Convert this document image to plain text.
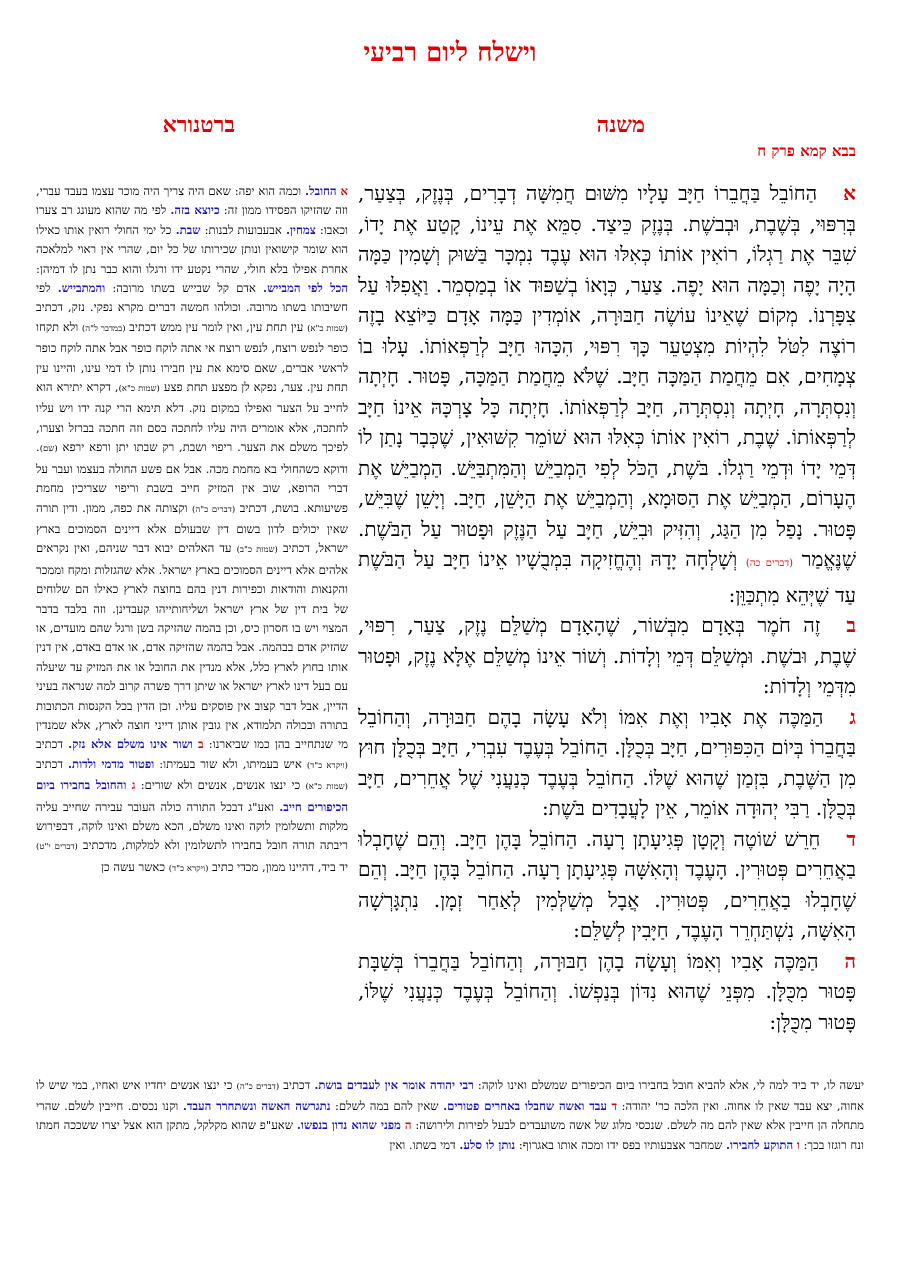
וישלח ליום רביעי
משנה
ברטנורא
בבא קמא פרק ח

אהַחוֹבֵל בַּחֲבֵרוֹ חַיָּב עָלָיו מִשּׁוּם חֲמִשָּׁה דְבָרִים, בְּנֶזֶק, בְּצַעַר, בְּרִפּוּי, בְּשֶׁבֶת, וּבְבשֶׁת. בְּנֶזֶק כֵּיצַד. סִמֵּא אֶת עֵינוֹ, קָטַע אֶת יָדוֹ, שִׁבֵּר אֶת רַגְלוֹ, רוֹאִין אוֹתוֹ כְּאִלּוּ הוּא עֶבֶד נִמְכָּר בַּשּׁוּק וְשָׁמִין כַּמָּה הָיָה יָפֶה וְכַמָּה הוּא יָפֶה. צַעַר, כְּוָאוֹ בְשַׁפּוּד אוֹ בְמַסְמֵר. וַאֲפִלּוּ עַל צִפָּרְנוֹ. מְקוֹם שֶׁאֵינוֹ עוֹשֶׂה חַבּוּרָה, אוֹמְדִין כַּמָּה אָדָם כַּיּוֹצֵא בָזֶה רוֹצֶה לִטֹּל לִהְיוֹת מִצְטַעֵר כָּךְ רִפּוּי, הִכָּהוּ חַיָּב לְרַפְּאוֹתוֹ. עָלוּ בוֹ צְמָחִים, אִם מֵחֲמַת הַמַּכָּה חַיָּב. שֶׁלֹּא מֵחֲמַת הַמַּכָּה, פָּטוּר. חָיְתָה וְנִסְתְּרָה, חָיְתָה וְנִסְתְּרָה, חַיָּב לְרַפְּאוֹתוֹ. חָיְתָה כָּל צָרְכָּהּ אֵינוֹ חַיָּב לְרַפְּאוֹתוֹ. שֶׁבֶת, רוֹאִין אוֹתוֹ כְּאִלּוּ הוּא שׁוֹמֵר קִשּׁוּאִין, שֶׁכְּבָר נָתַן לוֹ דְּמֵי יָדוֹ וּדְמֵי רַגְלוֹ. בֹּשֶׁת, הַכֹּל לְפִי הַמְבַיֵּשׁ וְהַמִּתְבַּיֵּשׁ. הַמְבַיֵּשׁ אֶת הֶעָרוֹם, הַמְבַיֵּשׁ אֶת הַסּוּמָא, וְהַמְבַיֵּשׁ אֶת הַיָּשֵׁן, חַיָּב. וְיָשֵׁן שֶׁבִּיֵּשׁ, פָּטוּר. נָפַל מִן הַגַּג, וְהִזִּיק וּבִיֵּשׁ, חַיָּב עַל הַנֶּזֶק וּפָטוּר עַל הַבֹּשֶׁת. שֶׁנֶּאֱמַר (דברים כה) וְשָׁלְחָה יָדָהּ וְהֶחֱזִיקָה בִּמְבֻשָׁיו אֵינוֹ חַיָּב עַל הַבֹּשֶׁת עַד שֶׁיְּהֵא מִתְכַּוֵּן:

בזֶה חֹמֶר בְּאָדָם מִבְּשׁוֹר, שֶׁהָאָדָם מְשַׁלֵּם נֶזֶק, צַעַר, רִפּוּי, שֶׁבֶת, וּבשֶׁת. וּמְשַׁלֵּם דְּמֵי וְלָדוֹת. וְשׁוֹר אֵינוֹ מְשַׁלֵּם אֶלָּא נֶזֶק, וּפָטוּר מִדְּמֵי וְלָדוֹת:

גהַמַּכֶּה אֶת אָבִיו וְאֶת אִמּוֹ וְלֹא עָשָׂה בָהֶם חַבּוּרָה, וְהַחוֹבֵל בַּחֲבֵרוֹ בְּיוֹם הַכִּפּוּרִים, חַיָּב בְּכֻלָּן. הַחוֹבֵל בְּעֶבֶד עִבְרִי, חַיָּב בְּכֻלָּן חוּץ מִן הַשֶּׁבֶת, בִּזְמַן שֶׁהוּא שֶׁלּוֹ. הַחוֹבֵל בְּעֶבֶד כְּנַעֲנִי שֶׁל אֲחֵרִים, חַיָּב בְּכֻלָּן. רַבִּי יְהוּדָה אוֹמֵר, אֵין לָעֲבָדִים בֹּשֶׁת:

דחֵרֵשׁ שׁוֹטֶה וְקָטָן פְּגִיעָתָן רָעָה. הַחוֹבֵל בָּהֶן חַיָּב. וְהֵם שֶׁחָבְלוּ בַאֲחֵרִים פְּטוּרִין. הָעֶבֶד וְהָאִשָּׁה פְּגִיעָתָן רָעָה. הַחוֹבֵל בָּהֶן חַיָּב. וְהֵם שֶׁחָבְלוּ בַאֲחֵרִים, פְּטוּרִין. אֲבָל מְשַׁלְּמִין לְאַחַר זְמָן. נִתְגָּרְשָׁה הָאִשָּׁה, נִשְׁתַּחְרֵר הָעֶבֶד, חַיָּבִין לְשַׁלֵּם:

ההַמַּכֶּה אָבִיו וְאִמּוֹ וְעָשָׂה בָהֶן חַבּוּרָה, וְהַחוֹבֵל בַּחֲבֵרוֹ בְּשַׁבָּת פָּטוּר מִכֻּלָּן. מִפְּנֵי שֶׁהוּא נִדּוֹן בְּנַפְשׁוֹ. וְהַחוֹבֵל בְּעֶבֶד כְּנַעֲנִי שֶׁלּוֹ, פָּטוּר מִכֻּלָּן:

א החובל. וכמה הוא יפה: שאם היה צריך היה מוכר עצמו בעבד עברי, וזה שהזיקו הפסידו ממון זה: כיוצא בזה. לפי מה שהוא מעונג רב צערו וכאבו: צמחין. אבעבועות לבנות: שבת. כל ימי החולי רואין אותו כאילו הוא שומר קישואין ונותן שכירותו של כל יום, שהרי אין ראוי למלאכה אחרת אפילו בלא חולי, שהרי נקטע ידו ורגלו והוא כבר נתן לו דמיהן: הכל לפי המבייש. אדם קל שבייש בשתו מרובה: והמתבייש. לפי חשיבותו בשתו מרובה. וכולהו חמשה דברים מקרא נפקי. נזק, דכתיב (שמות כ"א) עין תחת עין, ואין לומר עין ממש דכתיב (במדבר ל"ה) ולא תקחו כופר לנפש רוצח, לנפש רוצח אי אתה לוקח כופר אבל אתה לוקח כופר לראשי אברים, שאם סימא את עין חבירו נותן לו דמי עינו, והיינו עין תחת עין. צער, נפקא לן מפצע תחת פצע (שמות כ"א), דקרא יתירא הוא לחייב על הצער ואפילו במקום נזק. דלא תימא הרי קנה ידו ויש עליו לחתכה, אלא אומרים היה עליו לחתכה בסם וזה חתכה בברזל וצערו, לפיכך משלם את הצער. ריפוי ושבת, רק שבתו יתן ורפא ירפא (שם). ודוקא כשהחולי בא מחמת מכה. אבל אם פשע החולה בעצמו ועבר על דברי הרופא, שוב אין המזיק חייב בשבת וריפוי שצריכין מחמת פשיעותא. בושת, דכתיב (דברים כ"ה) וקצותה את כפה, ממון. ודין תורה שאין יכולים לדון בשום דין שבעולם אלא דיינים הסמוכים בארץ ישראל, דכתיב (שמות כ"ב) עד האלהים יבוא דבר שניהם, ואין נקראים אלהים אלא דיינים הסמוכים בארץ ישראל. אלא שהגזלות ומקח וממכר והקנאות והודאות וכפירות דנין בהם בחוצה לארץ כאילו הם שלוחים של בית דין של ארץ ישראל ושליחותייהו קעבדינן. וזה בלבד בדבר המצוי ויש בו חסרון כיס, וכן בהמה שהזיקה בשן ורגל שהם מועדים, או שהזיק אדם בבהמה. אבל בהמה שהזיקה אדם, או אדם באדם, אין דנין אותו בחוץ לארץ כלל, אלא מנדין את החובל או את המזיק עד שיעלה עם בעל דינו לארץ ישראל או שיתן דרך פשרה קרוב למה שנראה בעיני הדיין, אבל דבר קצוב אין פוסקים עליו. וכן הדין בכל הקנסות הכתובות בתורה ובכולה תלמודא, אין גובין אותן דייני חוצה לארץ, אלא שמנדין מי שנתחייב בהן כמו שביארנו: ב ושור אינו משלם אלא נזק. דכתיב (ויקרא כ"ד) איש בעמיתו, ולא שור בעמיתו: ופטור מדמי ולדות. דכתיב (שמות כ"א) כי ינצו אנשים, אנשים ולא שורים: ג והחובל בחבירו ביום הכיפורים חייב. ואע"ג דבכל התורה כולה העובר עבירה שחייב עליה מלקות ותשלומין לוקה ואינו משלם, הכא משלם ואינו לוקה, דבפירוש ריבתה תורה חובל בחבירו לתשלומין ולא למלקות, מדכתיב (דברים י"ט) יד ביד, דהיינו ממון, מכדי כתיב (ויקרא כ"ד) כאשר עשה כן

יעשה לו, יד ביד למה לי, אלא להביא חובל בחבירו ביום הכיפורים שמשלם ואינו לוקה: רבי יהודה אומר אין לעבדים בושת. דכתיב (דברים כ"ה) כי ינצו אנשים יחדיו איש ואחיו, במי שיש לו אחוה, יצא עבד שאין לו אחוה. ואין הלכה כר' יהודה: ד עבד ואשה שחבלו באחרים פטורים. שאין להם במה לשלם: נתגרשה האשה ונשתחרר העבד. וקנו נכסים. חייבין לשלם. שהרי מתחלה הן חייבין אלא שאין להם מה לשלם. שנכסי מלוג של אשה משועבדים לבעל לפירות ולירושה: ה מפני שהוא נדון בנפשו. שאע"פ שהוא מקלקל, מתקן הוא אצל יצרו ששככה חמתו ונח רוגזו בכך: ו התוקע לחבירו. שמחבר אצבעותיו בפס ידו ומכה אותו באגרוף: נותן לו סלע. דמי בשתו. ואין
